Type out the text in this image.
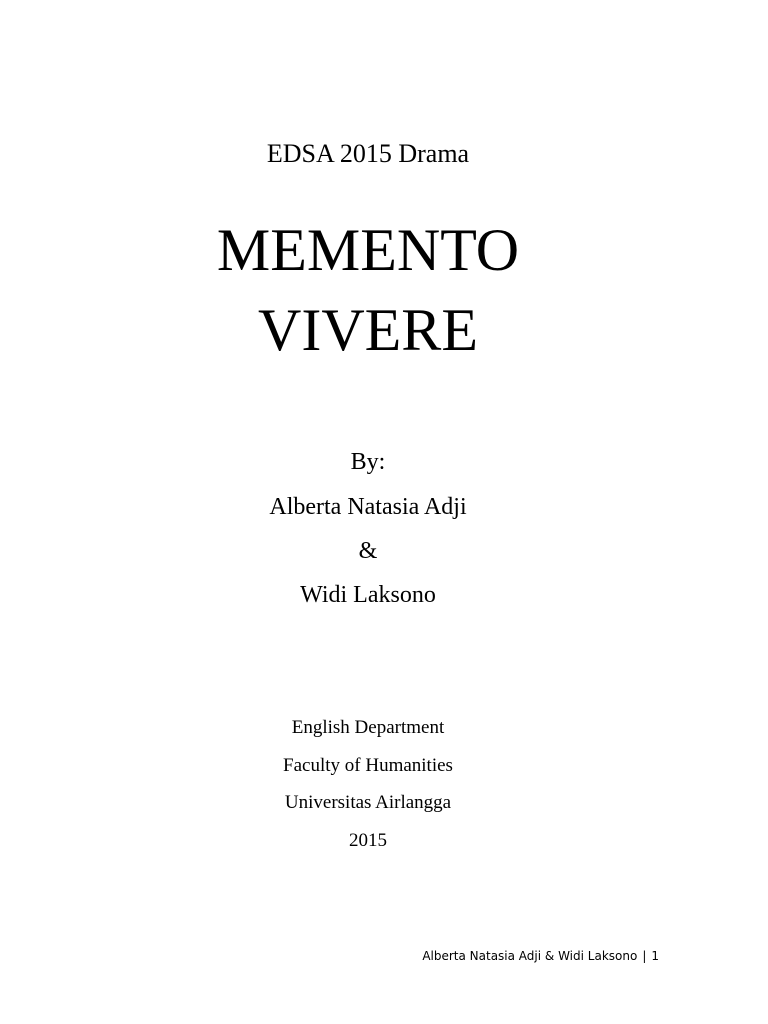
EDSA 2015 Drama
MEMENTO
VIVERE
By:
Alberta Natasia Adji
&
Widi Laksono
English Department
Faculty of Humanities
Universitas Airlangga
2015
Alberta Natasia Adji & Widi Laksono | 1
